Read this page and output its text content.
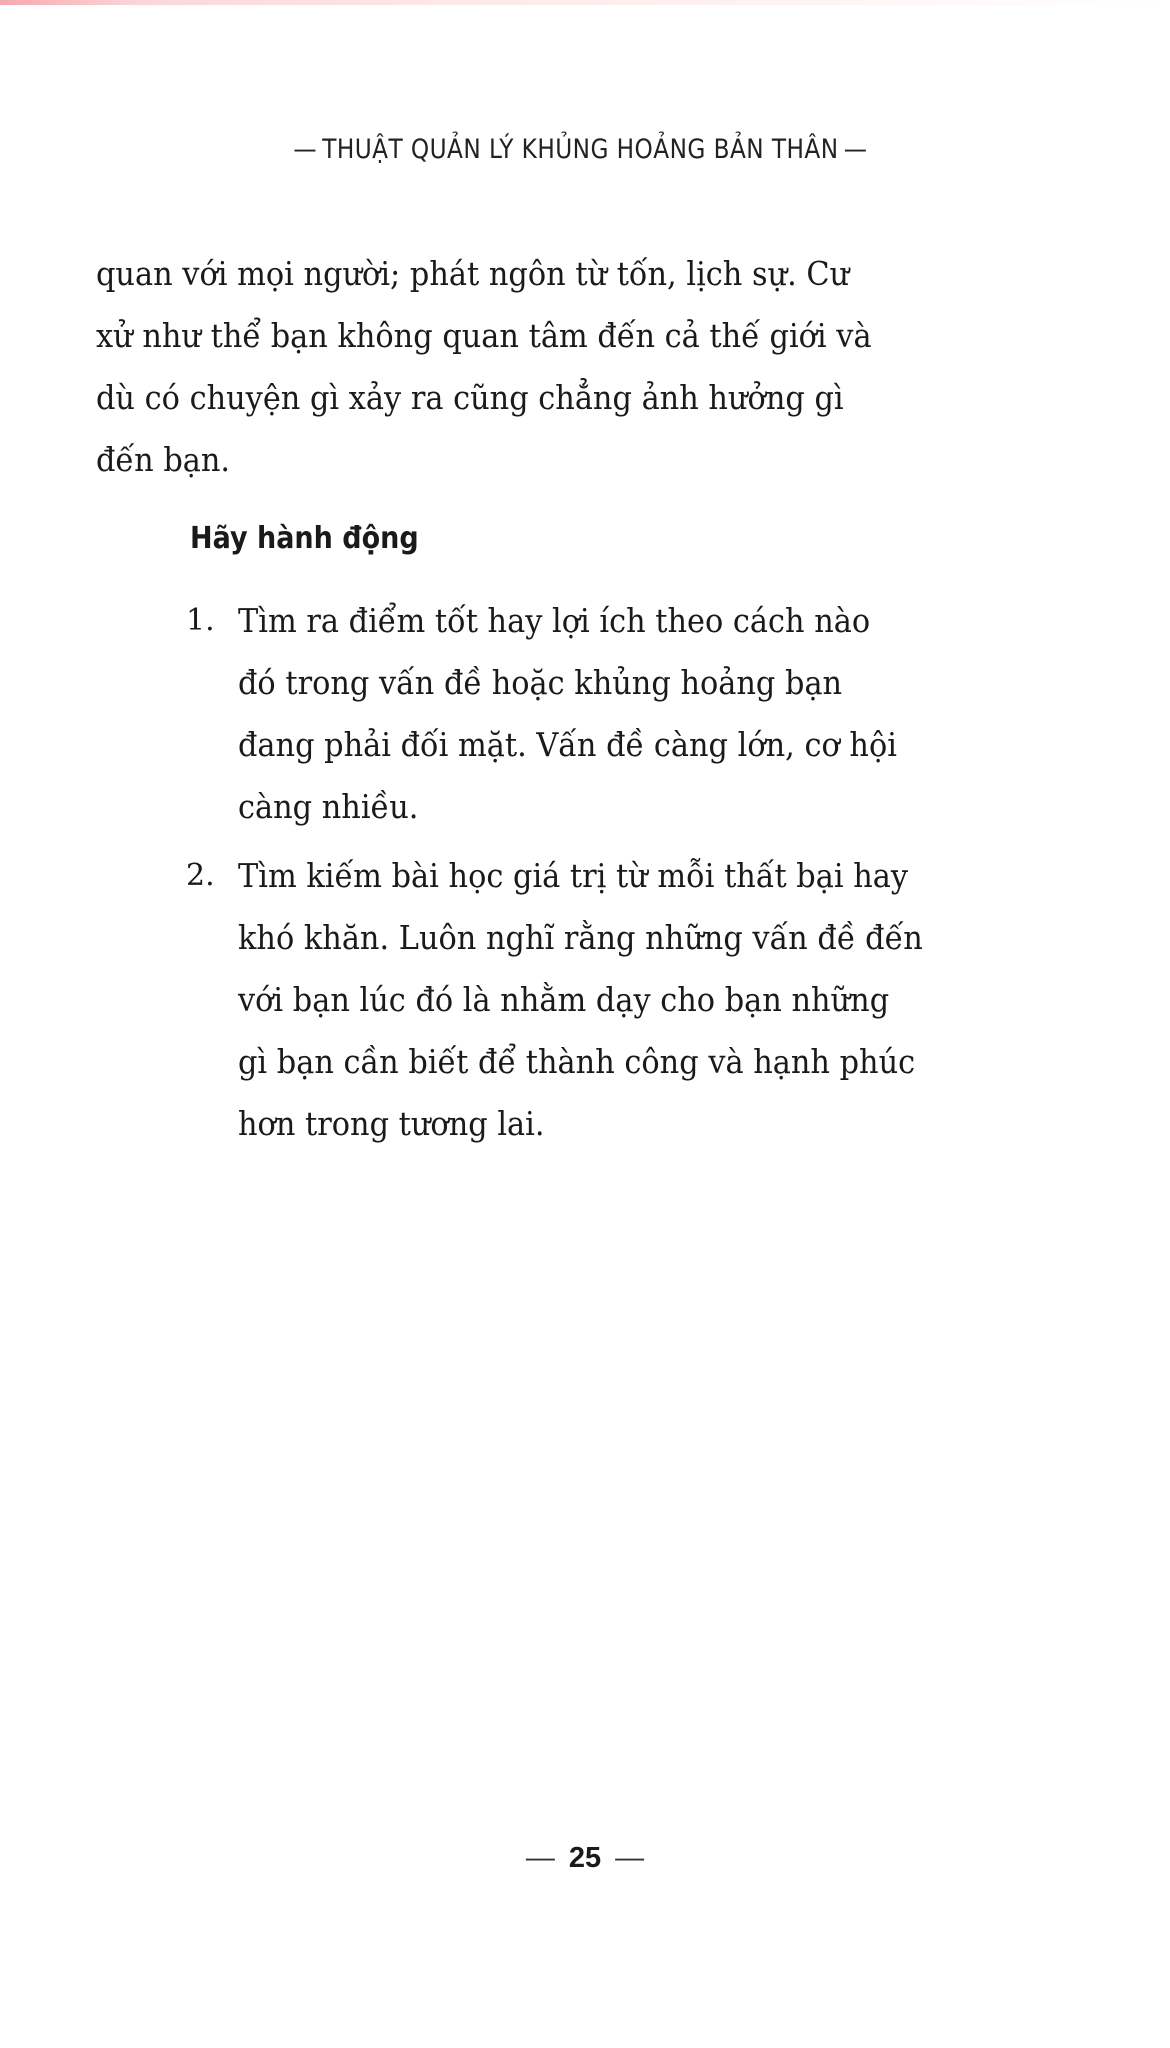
— THUẬT QUẢN LÝ KHỦNG HOẢNG BẢN THÂN —
quan với mọi người; phát ngôn từ tốn, lịch sự. Cư
xử như thể bạn không quan tâm đến cả thế giới và
dù có chuyện gì xảy ra cũng chẳng ảnh hưởng gì
đến bạn.
Hãy hành động
1. Tìm ra điểm tốt hay lợi ích theo cách nào
đó trong vấn đề hoặc khủng hoảng bạn
đang phải đối mặt. Vấn đề càng lớn, cơ hội
càng nhiều.
2. Tìm kiếm bài học giá trị từ mỗi thất bại hay
khó khăn. Luôn nghĩ rằng những vấn đề đến
với bạn lúc đó là nhằm dạy cho bạn những
gì bạn cần biết để thành công và hạnh phúc
hơn trong tương lai.
— 25 —
